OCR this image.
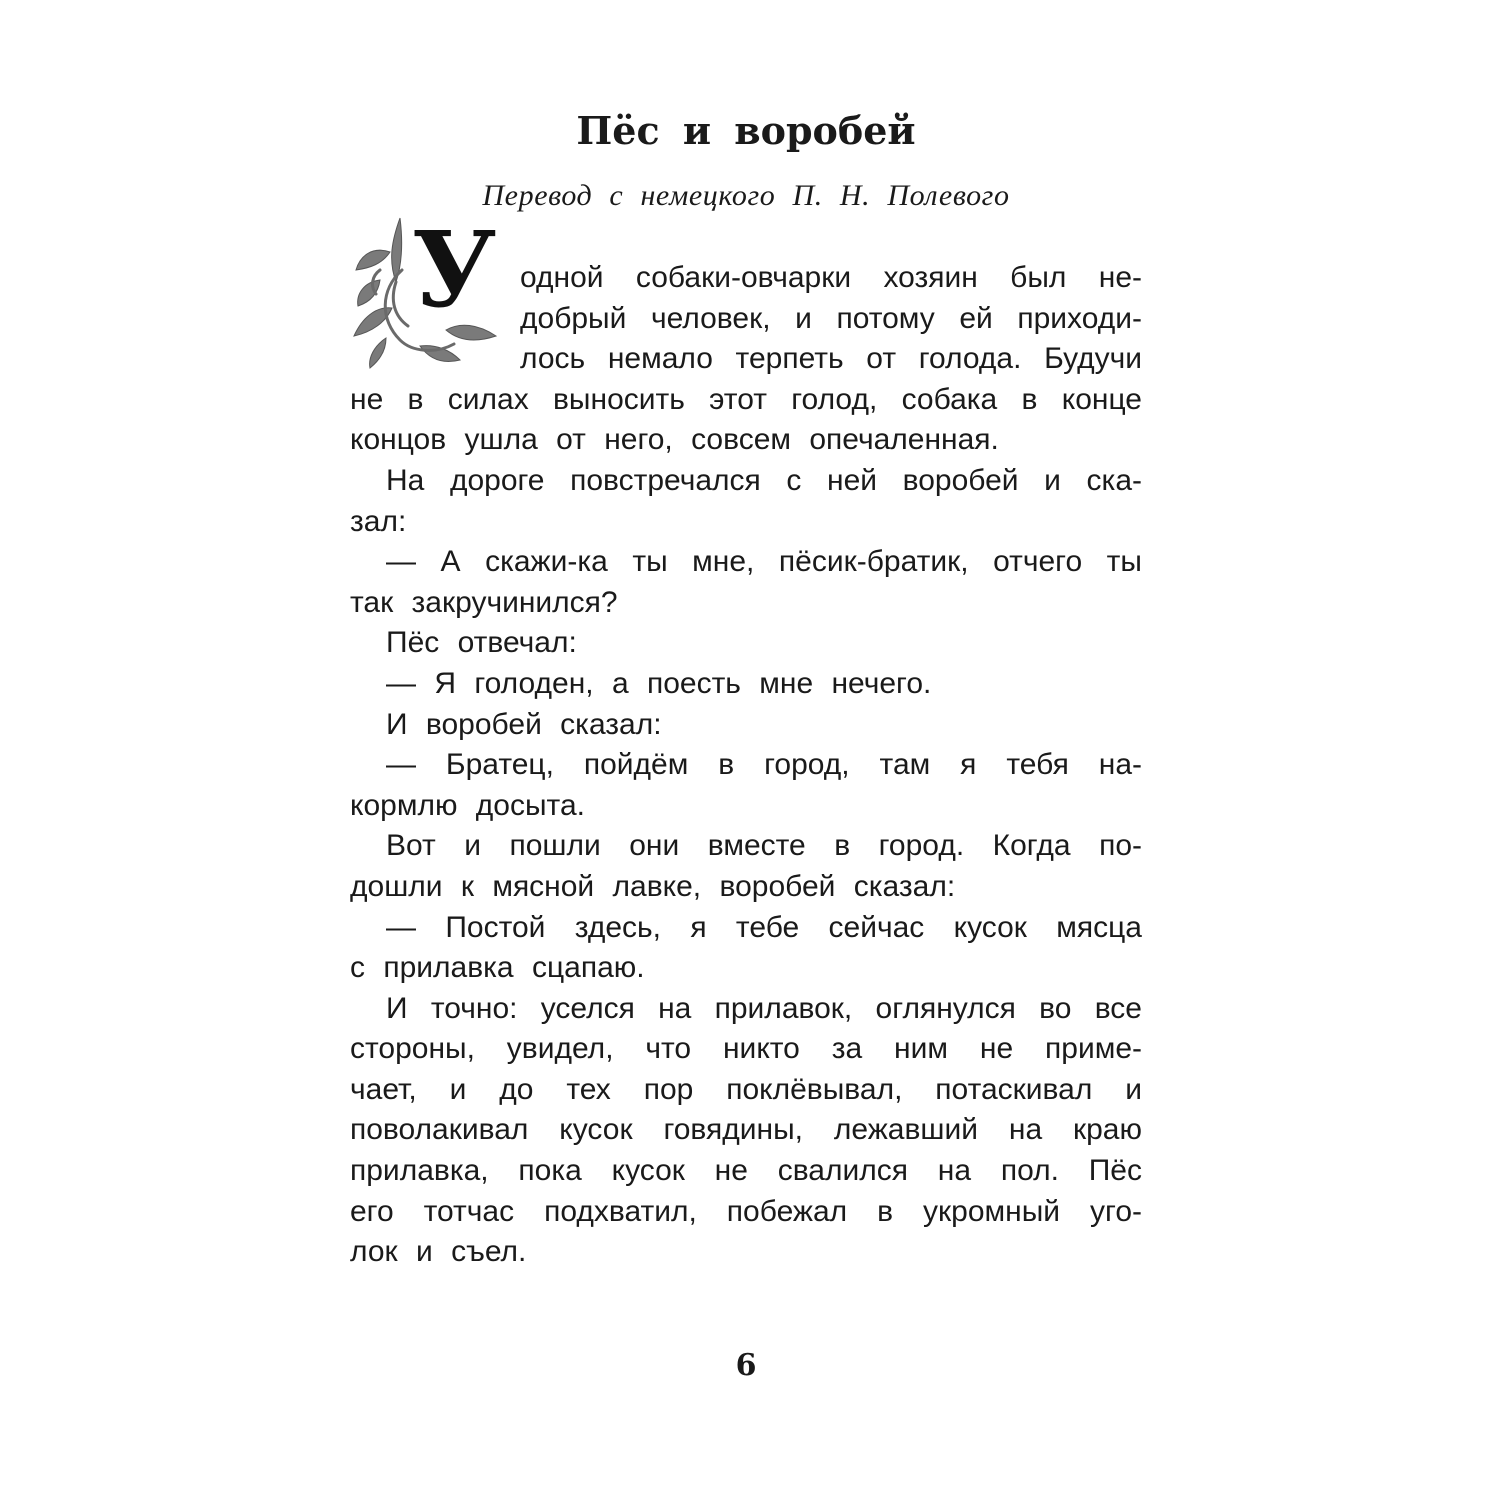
Пёс и воробей
Перевод с немецкого П. Н. Полевого
У одной собаки-овчарки хозяин был не-
добрый человек, и потому ей приходи-
лось немало терпеть от голода. Будучи
не в силах выносить этот голод, собака в конце
концов ушла от него, совсем опечаленная.
На дороге повстречался с ней воробей и ска-
зал:
— А скажи-ка ты мне, пёсик-братик, отчего ты
так закручинился?
Пёс отвечал:
— Я голоден, а поесть мне нечего.
И воробей сказал:
— Братец, пойдём в город, там я тебя на-
кормлю досыта.
Вот и пошли они вместе в город. Когда по-
дошли к мясной лавке, воробей сказал:
— Постой здесь, я тебе сейчас кусок мясца
с прилавка сцапаю.
И точно: уселся на прилавок, оглянулся во все
стороны, увидел, что никто за ним не приме-
чает, и до тех пор поклёвывал, потаскивал и
поволакивал кусок говядины, лежавший на краю
прилавка, пока кусок не свалился на пол. Пёс
его тотчас подхватил, побежал в укромный уго-
лок и съел.
6
